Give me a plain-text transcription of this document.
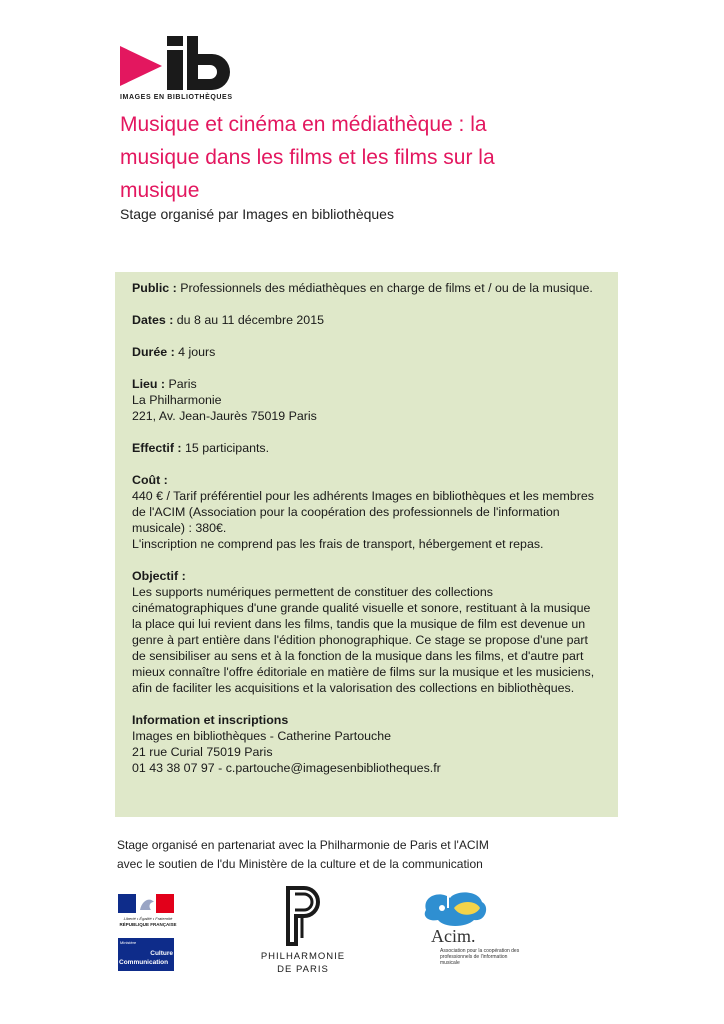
IMAGES EN BIBLIOTHÈQUES
Musique et cinéma en médiathèque : la musique dans les films et les films sur la musique
Stage organisé par Images en bibliothèques

Public : Professionnels des médiathèques en charge de films et / ou de la musique.

Dates : du 8 au 11 décembre 2015

Durée : 4 jours

Lieu : Paris
La Philharmonie
221, Av. Jean-Jaurès 75019 Paris

Effectif : 15 participants.

Coût :
440 € / Tarif préférentiel pour les adhérents Images en bibliothèques et les membres de l'ACIM (Association pour la coopération des professionnels de l'information musicale) : 380€.
L'inscription ne comprend pas les frais de transport, hébergement et repas.

Objectif :
Les supports numériques permettent de constituer des collections cinématographiques d'une grande qualité visuelle et sonore, restituant à la musique la place qui lui revient dans les films, tandis que la musique de film est devenue un genre à part entière dans l'édition phonographique. Ce stage se propose d'une part de sensibiliser au sens et à la fonction de la musique dans les films, et d'autre part mieux connaître l'offre éditoriale en matière de films sur la musique et les musiciens, afin de faciliter les acquisitions et la valorisation des collections en bibliothèques.

Information et inscriptions
Images en bibliothèques - Catherine Partouche
21 rue Curial 75019 Paris
01 43 38 07 97 - c.partouche@imagesenbibliotheques.fr

Stage organisé en partenariat avec la Philharmonie de Paris et l'ACIM
avec le soutien de l'du Ministère de la culture et de la communication
Liberté • Égalité • Fraternité
RÉPUBLIQUE FRANÇAISE
Ministère
Culture
Communication
PHILHARMONIE
DE PARIS
Acim.
Association pour la coopération des professionnels de l'information musicale
